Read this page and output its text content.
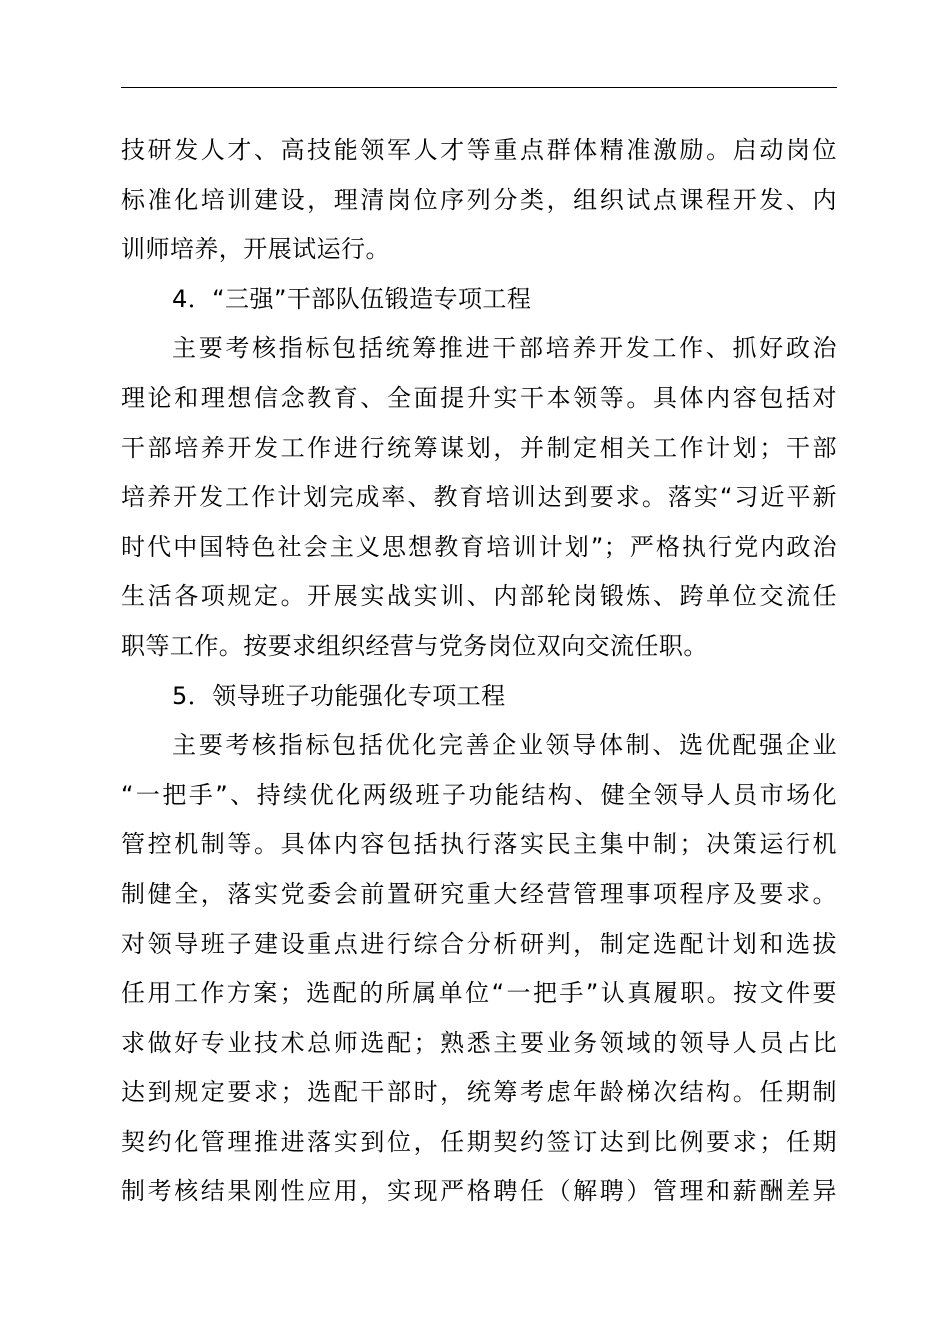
技研发人才、高技能领军人才等重点群体精准激励。启动岗位
标准化培训建设，理清岗位序列分类，组织试点课程开发、内
训师培养，开展试运行。
4．“三强”干部队伍锻造专项工程
主要考核指标包括统筹推进干部培养开发工作、抓好政治
理论和理想信念教育、全面提升实干本领等。具体内容包括对
干部培养开发工作进行统筹谋划，并制定相关工作计划；干部
培养开发工作计划完成率、教育培训达到要求。落实“习近平新
时代中国特色社会主义思想教育培训计划”；严格执行党内政治
生活各项规定。开展实战实训、内部轮岗锻炼、跨单位交流任
职等工作。按要求组织经营与党务岗位双向交流任职。
5．领导班子功能强化专项工程
主要考核指标包括优化完善企业领导体制、选优配强企业
“一把手”、持续优化两级班子功能结构、健全领导人员市场化
管控机制等。具体内容包括执行落实民主集中制；决策运行机
制健全，落实党委会前置研究重大经营管理事项程序及要求。
对领导班子建设重点进行综合分析研判，制定选配计划和选拔
任用工作方案；选配的所属单位“一把手”认真履职。按文件要
求做好专业技术总师选配；熟悉主要业务领域的领导人员占比
达到规定要求；选配干部时，统筹考虑年龄梯次结构。任期制
契约化管理推进落实到位，任期契约签订达到比例要求；任期
制考核结果刚性应用，实现严格聘任（解聘）管理和薪酬差异
